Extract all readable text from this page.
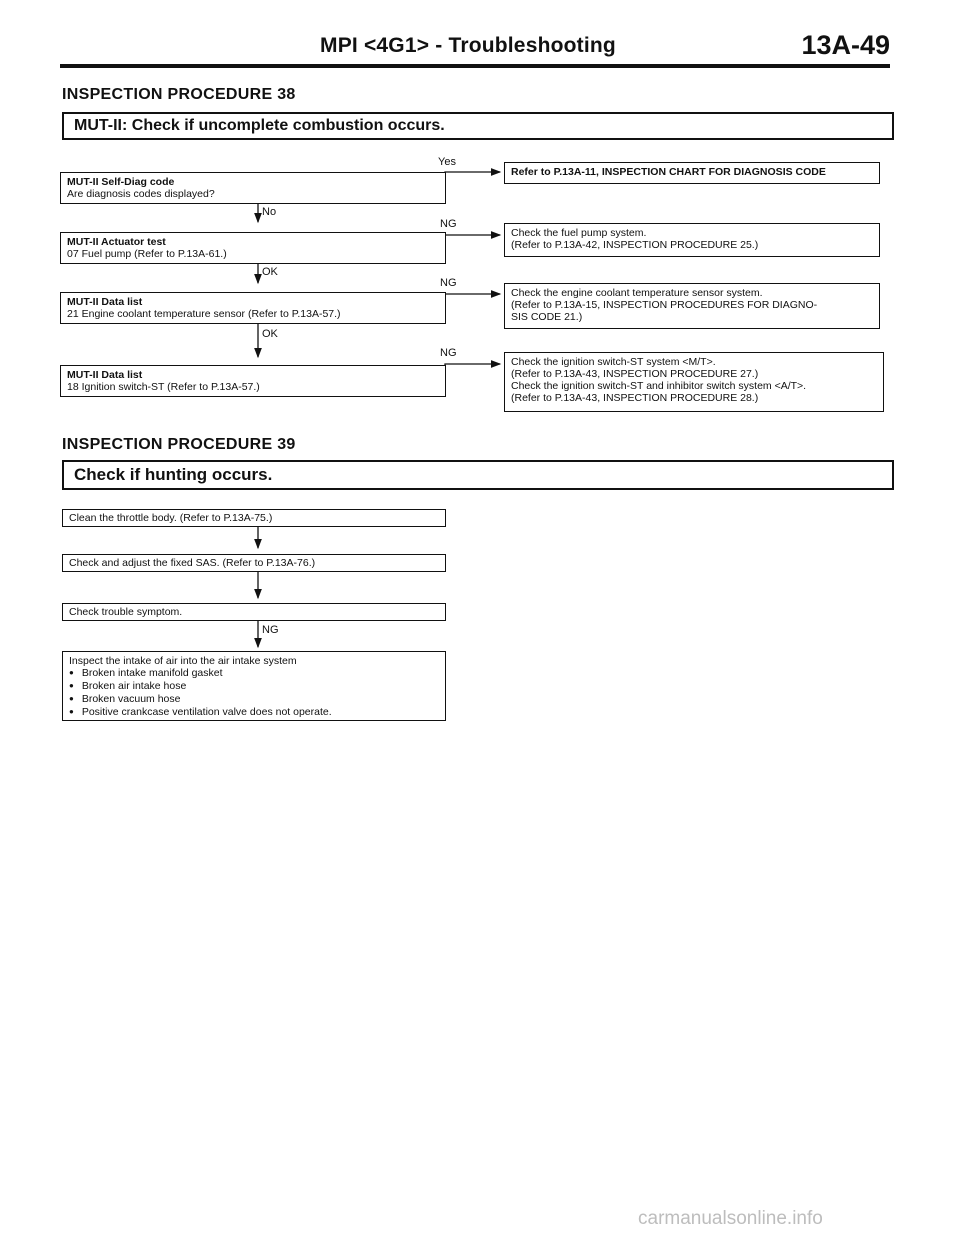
MPI <4G1> - Troubleshooting	13A-49
INSPECTION PROCEDURE 38
MUT-II: Check if uncomplete combustion occurs.
MUT-II Self-Diag code
Are diagnosis codes displayed?
MUT-II Actuator test
07 Fuel pump (Refer to P.13A-61.)
MUT-II Data list
21 Engine coolant temperature sensor (Refer to P.13A-57.)
MUT-II Data list
18 Ignition switch-ST (Refer to P.13A-57.)
No
OK
OK
Yes
NG
NG
NG
Refer to P.13A-11, INSPECTION CHART FOR DIAGNOSIS CODE
Check the fuel pump system.
(Refer to P.13A-42, INSPECTION PROCEDURE 25.)
Check the engine coolant temperature sensor system.
(Refer to P.13A-15, INSPECTION PROCEDURES FOR DIAGNO-
SIS CODE 21.)
Check the ignition switch-ST system <M/T>.
(Refer to P.13A-43, INSPECTION PROCEDURE 27.)
Check the ignition switch-ST and inhibitor switch system <A/T>.
(Refer to P.13A-43, INSPECTION PROCEDURE 28.)
INSPECTION PROCEDURE 39
Check if hunting occurs.
Clean the throttle body. (Refer to P.13A-75.)
Check and adjust the fixed SAS. (Refer to P.13A-76.)
Check trouble symptom.
NG
Inspect the intake of air into the air intake system
● Broken intake manifold gasket
● Broken air intake hose
● Broken vacuum hose
● Positive crankcase ventilation valve does not operate.
carmanualsonline.info
